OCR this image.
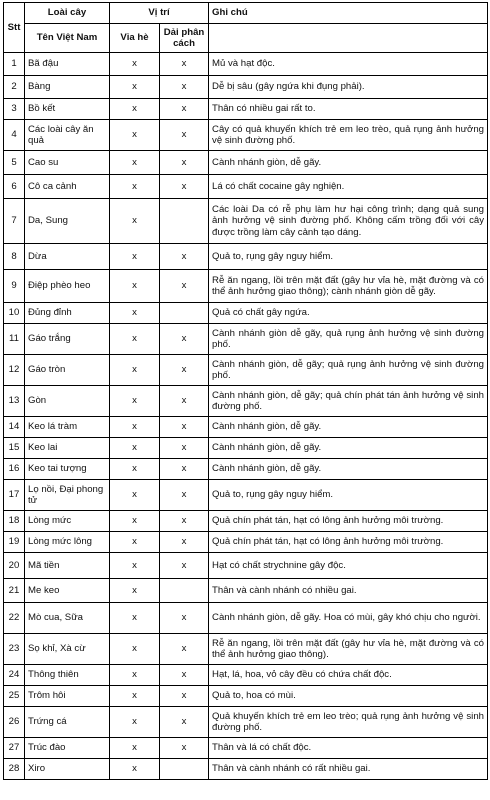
Stt	Loài cây	Vị trí		Ghi chú
	Tên Việt Nam	Vỉa hè	Dải phân cách	
1	Bã đậu	x	x	Mủ và hạt độc.
2	Bàng	x	x	Dễ bị sâu (gây ngứa khi đụng phải).
3	Bồ kết	x	x	Thân có nhiều gai rất to.
4	Các loài cây ăn quả	x	x	Cây có quả khuyến khích trẻ em leo trèo, quả rụng ảnh hưởng vệ sinh đường phố.
5	Cao su	x	x	Cành nhánh giòn, dễ gãy.
6	Cô ca cảnh	x	x	Lá có chất cocaine gây nghiện.
7	Da, Sung	x		Các loài Da có rễ phụ làm hư hại công trình; dạng quả sung ảnh hưởng vệ sinh đường phố. Không cấm trồng đối với cây được trồng làm cây cảnh tạo dáng.
8	Dừa	x	x	Quả to, rụng gây nguy hiểm.
9	Điệp phèo heo	x	x	Rễ ăn ngang, lồi trên mặt đất (gây hư vỉa hè, mặt đường và có thể ảnh hưởng giao thông); cành nhánh giòn dễ gãy.
10	Đủng đỉnh	x		Quả có chất gây ngứa.
11	Gáo trắng	x	x	Cành nhánh giòn dễ gãy, quả rụng ảnh hưởng vệ sinh đường phố.
12	Gáo tròn	x	x	Cành nhánh giòn, dễ gãy; quả rụng ảnh hưởng vệ sinh đường phố.
13	Gòn	x	x	Cành nhánh giòn, dễ gãy; quả chín phát tán ảnh hưởng vệ sinh đường phố.
14	Keo lá tràm	x	x	Cành nhánh giòn, dễ gãy.
15	Keo lai	x	x	Cành nhánh giòn, dễ gãy.
16	Keo tai tượng	x	x	Cành nhánh giòn, dễ gãy.
17	Lọ nồi, Đại phong tử	x	x	Quả to, rụng gây nguy hiểm.
18	Lòng mức	x	x	Quả chín phát tán, hạt có lông ảnh hưởng môi trường.
19	Lòng mức lông	x	x	Quả chín phát tán, hạt có lông ảnh hưởng môi trường.
20	Mã tiền	x	x	Hạt có chất strychnine gây độc.
21	Me keo	x		Thân và cành nhánh có nhiều gai.
22	Mò cua, Sữa	x	x	Cành nhánh giòn, dễ gãy. Hoa có mùi, gây khó chịu cho người.
23	Sọ khỉ, Xà cừ	x	x	Rễ ăn ngang, lồi trên mặt đất (gây hư vỉa hè, mặt đường và có thể ảnh hưởng giao thông).
24	Thông thiên	x	x	Hạt, lá, hoa, vỏ cây đều có chứa chất độc.
25	Trôm hôi	x	x	Quả to, hoa có mùi.
26	Trứng cá	x	x	Quả khuyến khích trẻ em leo trèo; quả rụng ảnh hưởng vệ sinh đường phố.
27	Trúc đào	x	x	Thân và lá có chất độc.
28	Xiro	x		Thân và cành nhánh có rất nhiều gai.
